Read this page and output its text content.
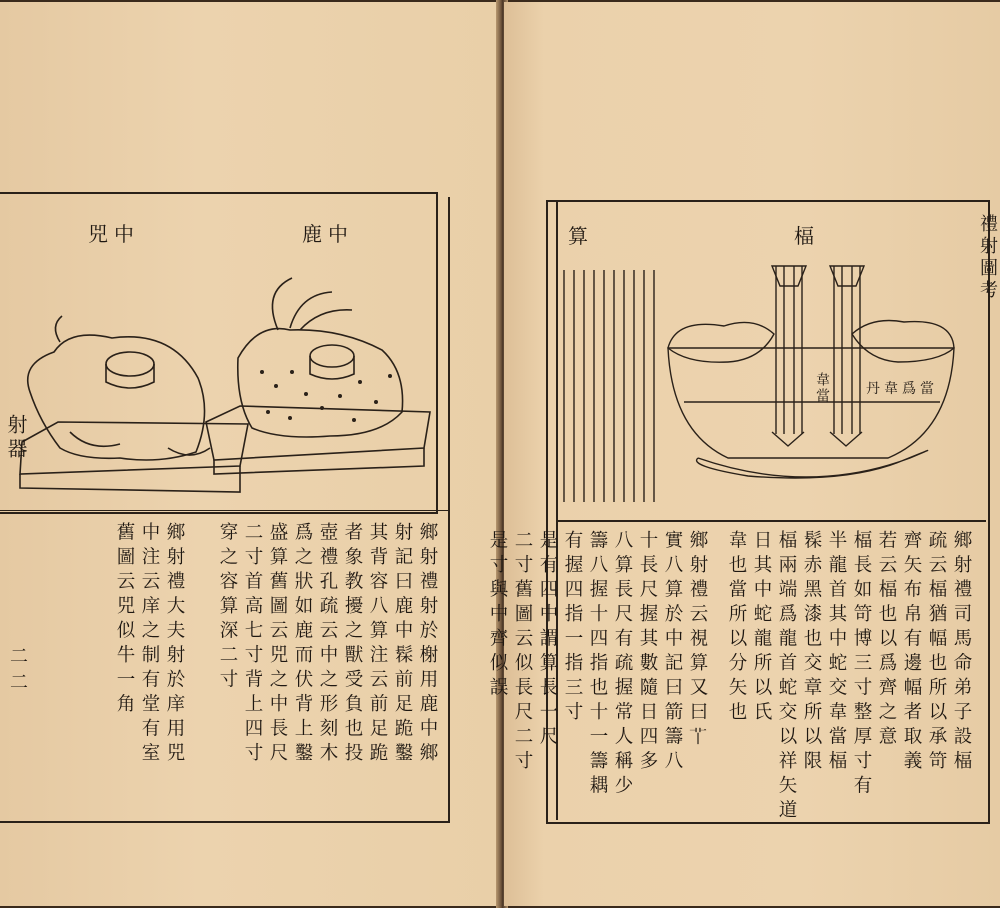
兕中	鹿中
鄉射禮射於榭用鹿中鄉
射記曰鹿中髹前足跪鑿
其背容八算注云前足跪
者象教擾之獸受負也投
壺禮孔疏云中之形刻木
爲之狀如鹿而伏背上鑿
盛算舊圖云兕之中長尺
二寸首高七寸背上四寸
穿之容算深二寸
鄉射禮大夫射於庠用兕
中注云庠之制有堂有室
舊圖云兕似牛一角
射器
二二
算	楅
韋當	丹韋爲當
鄉射禮司馬命弟子設楅
疏云楅猶幅也所以承笴
齊矢布帛有邊幅者取義
若云楅也以爲齊之意
楅長如笴博三寸整厚寸有
半龍首其中蛇交韋當楅
髹赤黑漆也交章所以限
楅兩端爲龍首蛇交以祥矢道
日其中蛇龍所以氏
韋也當所以分矢也
鄉射禮云視算又曰𦫳
實八算於中記曰箭籌八
十長尺握其數隨日四多
八算長尺有疏握常人稱少
籌八握十四指也十一籌耦
有握四指一指三寸
是有四中謂算長一尺
二寸舊圖云似長尺二寸
是寸與中齊似誤
禮射圖考
